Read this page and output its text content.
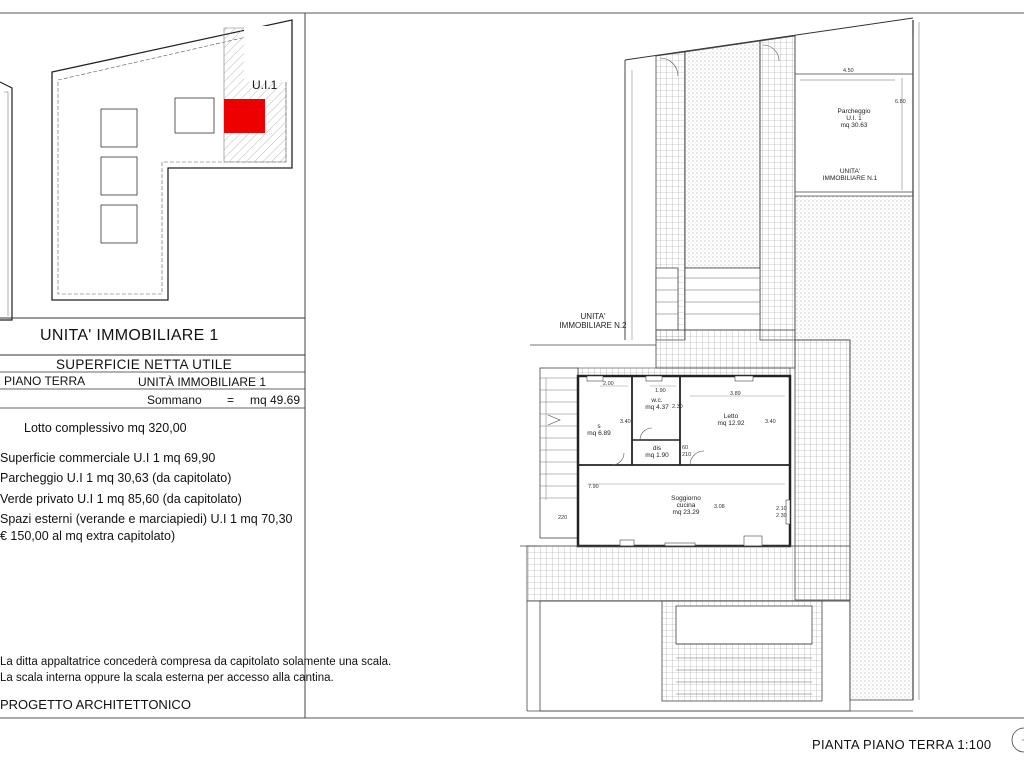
U.I.1
UNITA' IMMOBILIARE 1
SUPERFICIE NETTA UTILE
PIANO TERRA	UNITÀ IMMOBILIARE 1
Sommano = mq 49.69
Lotto complessivo mq 320,00
Superficie commerciale U.I 1 mq 69,90
Parcheggio U.I 1 mq 30,63 (da capitolato)
Verde privato U.I 1 mq 85,60 (da capitolato)
Spazi esterni (verande e marciapiedi) U.I 1 mq 70,30
€ 150,00 al mq extra capitolato)
La ditta appaltatrice concederà compresa da capitolato solamente una scala.
La scala interna oppure la scala esterna per accesso alla cantina.
PROGETTO ARCHITETTONICO
PIANTA PIANO TERRA 1:100
4.50
6.80
Parcheggio
U.I. 1
mq 30.63
UNITA'
IMMOBILIARE N.1
UNITA'
IMMOBILIARE N.2
s
mq 6.89
w.c.
mq 4.37
dis
mq 1.90
Letto
mq 12.92
Soggiorno
cucina
mq 23.29
2.00
1.90	3.89
3.40
2.30
3.40
7.90
3.08
60
210
2.10
2.30
220
